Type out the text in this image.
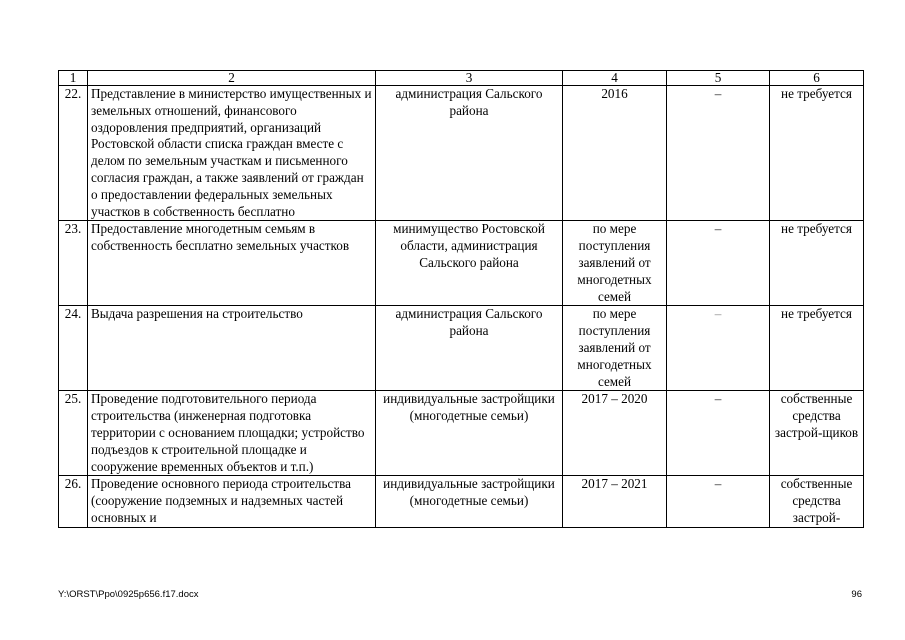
1	2	3	4	5	6
22.	Представление в министерство имущественных и земельных отношений, финансового оздоровления предприятий, организаций Ростовской области списка граждан вместе с делом по земельным участкам и письменного согласия граждан, а также заявлений от граждан о предоставлении федеральных земельных участков в собственность бесплатно	администрация Сальского района	2016	–	не требуется
23.	Предоставление многодетным семьям в собственность бесплатно земельных участков	минимущество Ростовской области, администрация Сальского района	по мере поступления заявлений от многодетных семей	–	не требуется
24.	Выдача разрешения на строительство	администрация Сальского района	по мере поступления заявлений от многодетных семей	–	не требуется
25.	Проведение подготовительного периода строительства (инженерная подготовка территории с основанием площадки; устройство подъездов к строительной площадке и сооружение временных объектов и т.п.)	индивидуальные застройщики (многодетные семьи)	2017 – 2020	–	собственные средства застрой-щиков
26.	Проведение основного периода строительства (сооружение подземных и надземных частей основных и	индивидуальные застройщики (многодетные семьи)	2017 – 2021	–	собственные средства застрой-
Y:\ORST\Ppo\0925p656.f17.docx	96
